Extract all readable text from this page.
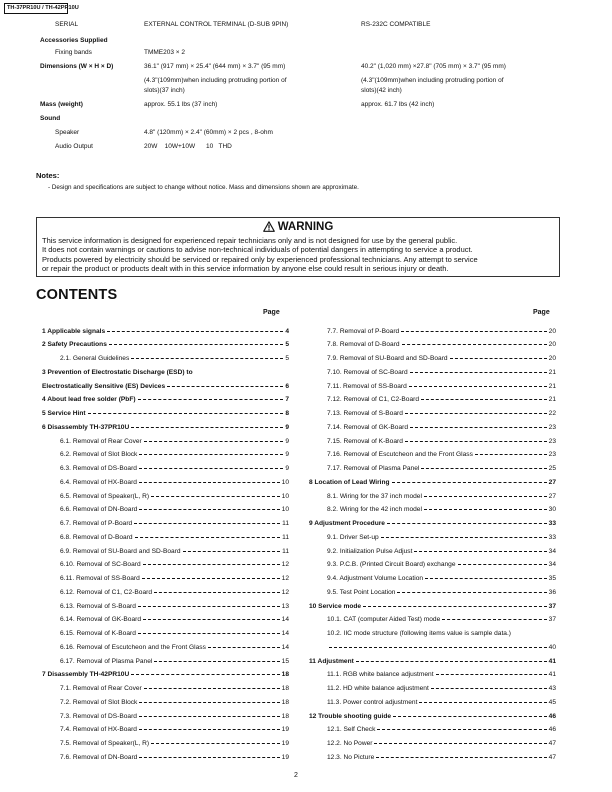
TH-37PR10U / TH-42PR10U
SERIAL	EXTERNAL CONTROL TERMINAL (D-SUB 9PIN)	RS-232C COMPATIBLE
Accessories Supplied
Fixing bands	TMME203 × 2
Dimensions (W × H × D)	36.1" (917 mm) × 25.4" (644 mm) × 3.7" (95 mm)	40.2" (1,020 mm) ×27.8" (705 mm) × 3.7" (95 mm)
(4.3"(109mm)when including protruding portion of	(4.3"(109mm)when including protruding portion of
slots)(37 inch)	slots)(42 inch)
Mass (weight)	approx. 55.1 lbs (37 inch)	approx. 61.7 lbs (42 inch)
Sound
Speaker	4.8" (120mm) × 2.4" (60mm) × 2 pcs , 8-ohm
Audio Output	20W    10W+10W      10   THD
Notes:
- Design and specifications are subject to change without notice. Mass and dimensions shown are approximate.
WARNING
This service information is designed for experienced repair technicians only and is not designed for use by the general public.
It does not contain warnings or cautions to advise non-technical individuals of potential dangers in attempting to service a product.
Products powered by electricity should be serviced or repaired only by experienced professional technicians. Any attempt to service
or repair the product or products dealt with in this service information by anyone else could result in serious injury or death.
CONTENTS
Page	Page
1 Applicable signals	4
2 Safety Precautions	5
2.1. General Guidelines	5
3 Prevention of Electrostatic Discharge (ESD) to
Electrostatically Sensitive (ES) Devices	6
4 About lead free solder (PbF)	7
5 Service Hint	8
6 Disassembly TH-37PR10U	9
6.1. Removal of Rear Cover	9
6.2. Removal of Slot Block	9
6.3. Removal of DS-Board	9
6.4. Removal of HX-Board	10
6.5. Removal of Speaker(L, R)	10
6.6. Removal of DN-Board	10
6.7. Removal of P-Board	11
6.8. Removal of D-Board	11
6.9. Removal of SU-Board and SD-Board	11
6.10. Removal of SC-Board	12
6.11. Removal of SS-Board	12
6.12. Removal of C1, C2-Board	12
6.13. Removal of S-Board	13
6.14. Removal of GK-Board	14
6.15. Removal of K-Board	14
6.16. Removal of Escutcheon and the Front Glass	14
6.17. Removal of Plasma Panel	15
7 Disassembly TH-42PR10U	18
7.1. Removal of Rear Cover	18
7.2. Removal of Slot Block	18
7.3. Removal of DS-Board	18
7.4. Removal of HX-Board	19
7.5. Removal of Speaker(L, R)	19
7.6. Removal of DN-Board	19
7.7. Removal of P-Board	20
7.8. Removal of D-Board	20
7.9. Removal of SU-Board and SD-Board	20
7.10. Removal of SC-Board	21
7.11. Removal of SS-Board	21
7.12. Removal of C1, C2-Board	21
7.13. Removal of S-Board	22
7.14. Removal of GK-Board	23
7.15. Removal of K-Board	23
7.16. Removal of Escutcheon and the Front Glass	23
7.17. Removal of Plasma Panel	25
8 Location of Lead Wiring	27
8.1. Wiring for the 37 inch model	27
8.2. Wiring for the 42 inch model	30
9 Adjustment Procedure	33
9.1. Driver Set-up	33
9.2. Initialization Pulse Adjust	34
9.3. P.C.B. (Printed Circuit Board) exchange	34
9.4. Adjustment Volume Location	35
9.5. Test Point Location	36
10 Service mode	37
10.1. CAT (computer Aided Test) mode	37
10.2. IIC mode structure (following items value is sample data.)
40
11 Adjustment	41
11.1. RGB white balance adjustment	41
11.2. HD white balance adjustment	43
11.3. Power control adjustment	45
12 Trouble shooting guide	46
12.1. Self Check	46
12.2. No Power	47
12.3. No Picture	47
2
